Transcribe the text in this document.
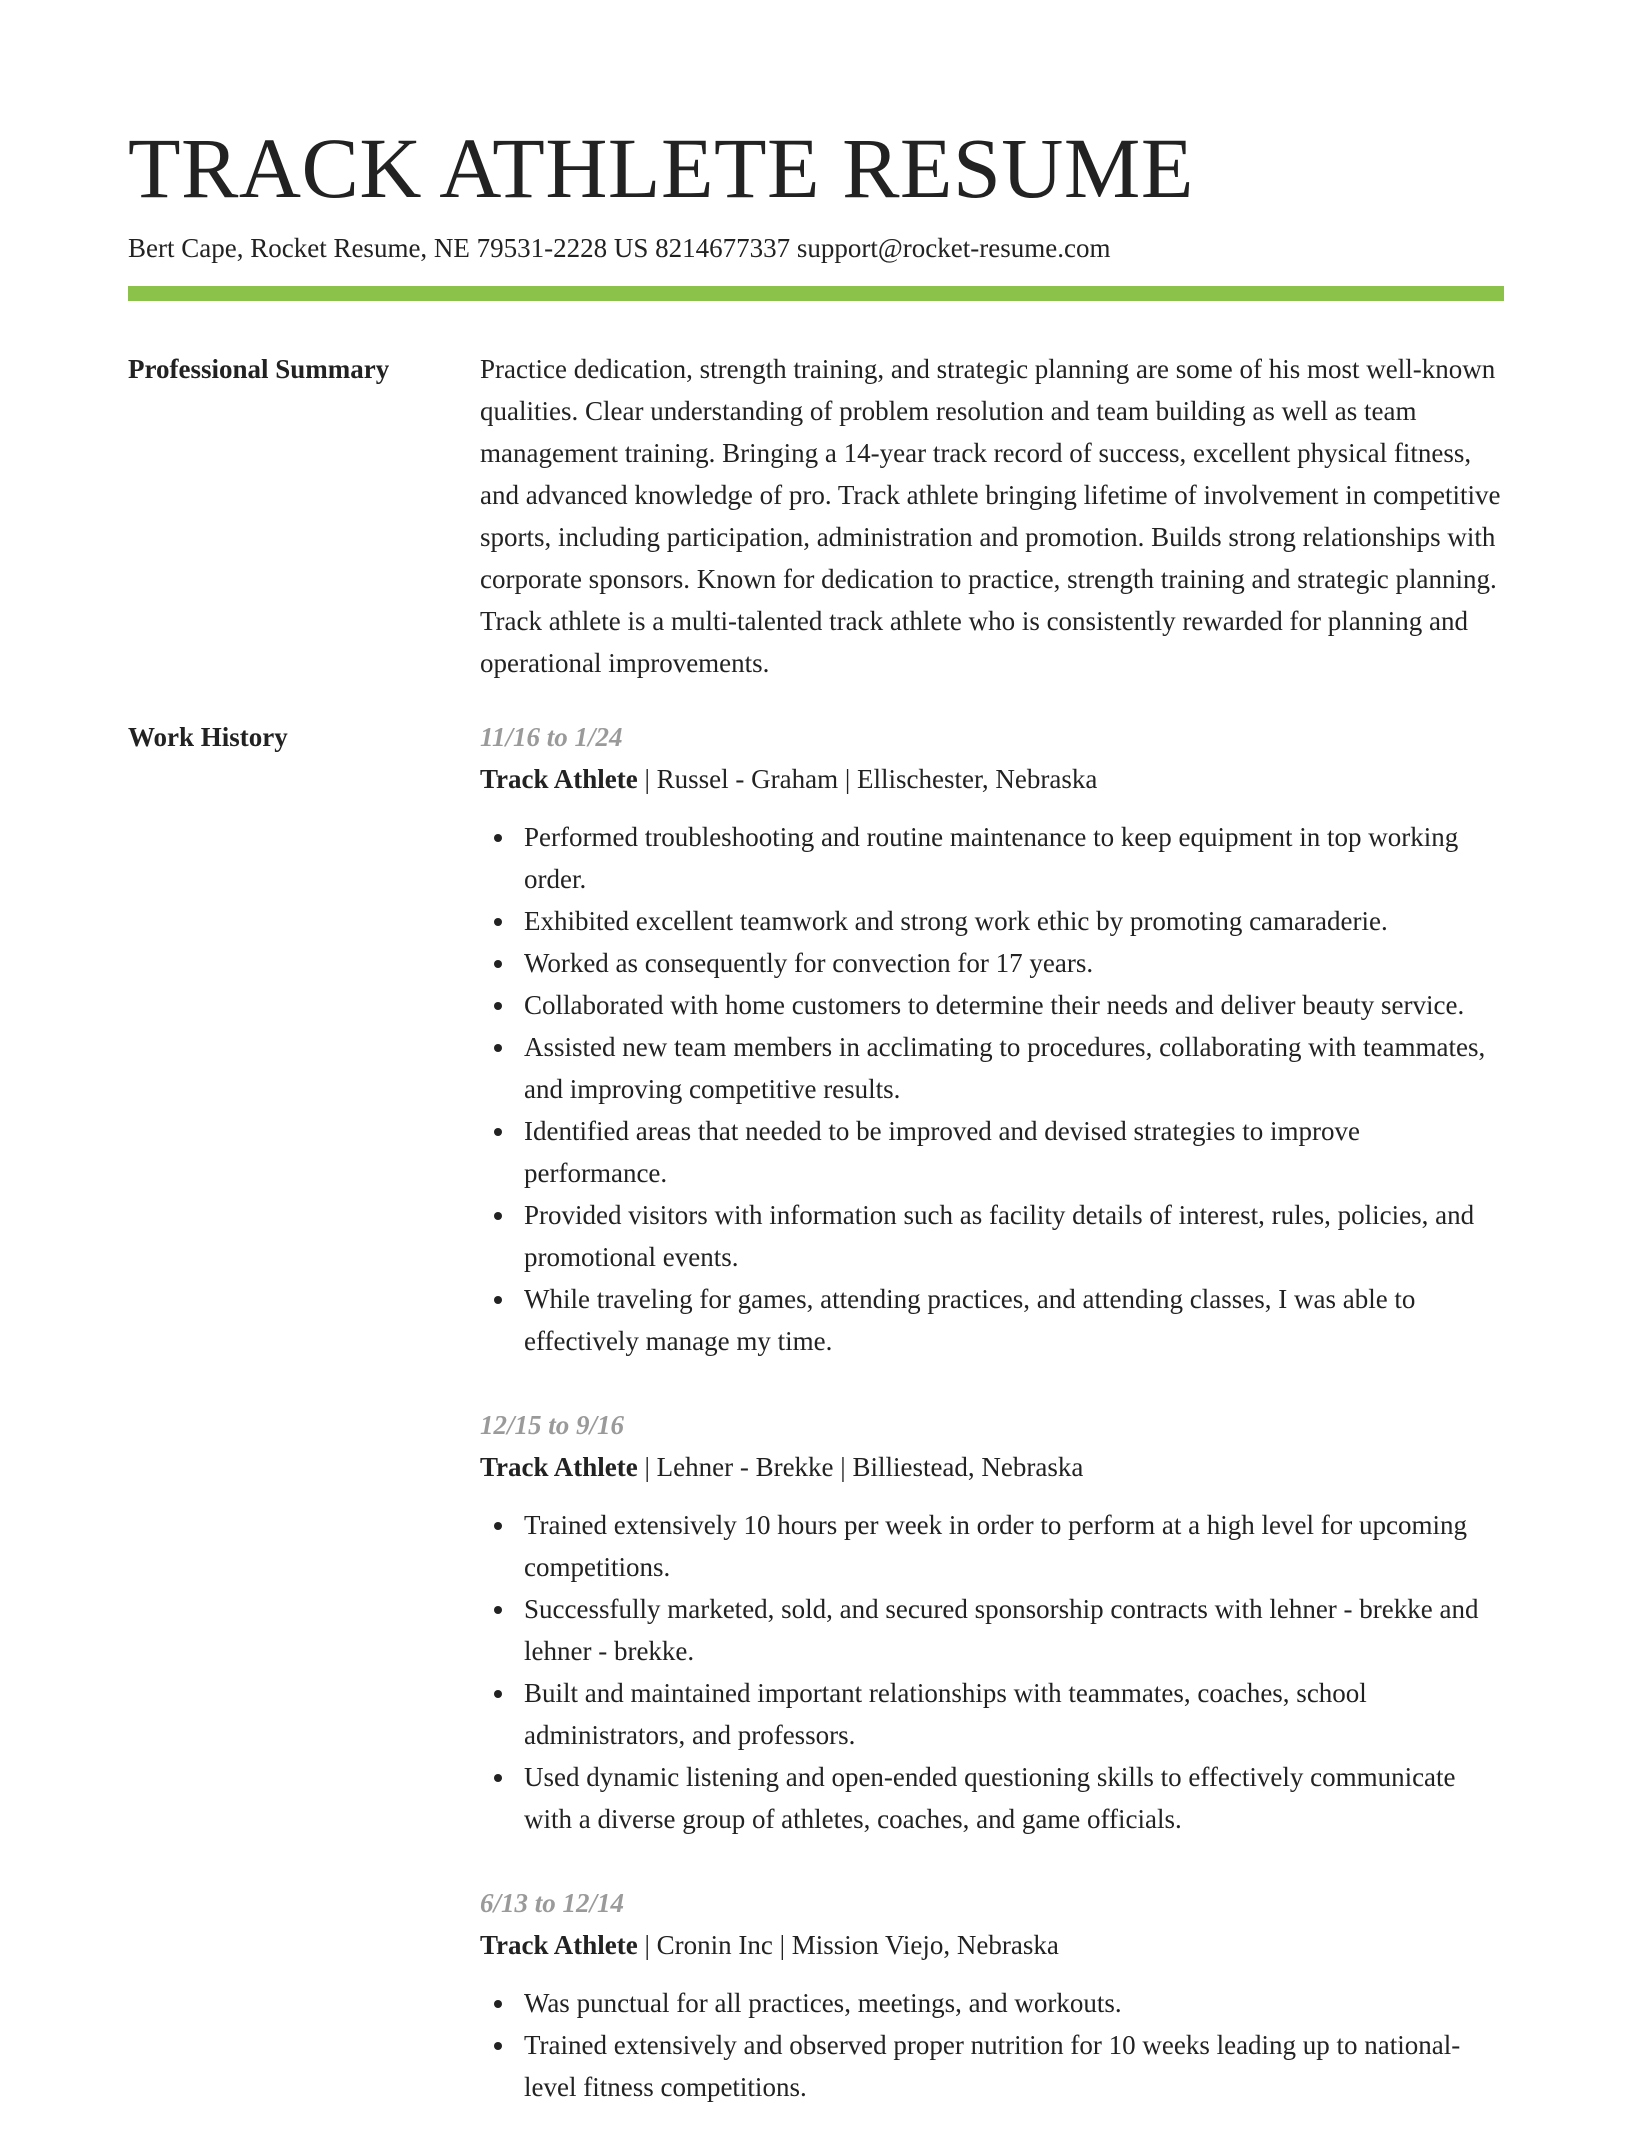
TRACK ATHLETE RESUME
Bert Cape, Rocket Resume, NE 79531-2228 US 8214677337 support@rocket-resume.com
Professional Summary	Practice dedication, strength training, and strategic planning are some of his most well-known qualities. Clear understanding of problem resolution and team building as well as team management training. Bringing a 14-year track record of success, excellent physical fitness, and advanced knowledge of pro. Track athlete bringing lifetime of involvement in competitive sports, including participation, administration and promotion. Builds strong relationships with corporate sponsors. Known for dedication to practice, strength training and strategic planning. Track athlete is a multi-talented track athlete who is consistently rewarded for planning and operational improvements.

Work History	11/16 to 1/24
Track Athlete | Russel - Graham | Ellischester, Nebraska
Performed troubleshooting and routine maintenance to keep equipment in top working order.
Exhibited excellent teamwork and strong work ethic by promoting camaraderie.
Worked as consequently for convection for 17 years.
Collaborated with home customers to determine their needs and deliver beauty service.
Assisted new team members in acclimating to procedures, collaborating with teammates, and improving competitive results.
Identified areas that needed to be improved and devised strategies to improve performance.
Provided visitors with information such as facility details of interest, rules, policies, and promotional events.
While traveling for games, attending practices, and attending classes, I was able to effectively manage my time.
12/15 to 9/16
Track Athlete | Lehner - Brekke | Billiestead, Nebraska
Trained extensively 10 hours per week in order to perform at a high level for upcoming competitions.
Successfully marketed, sold, and secured sponsorship contracts with lehner - brekke and lehner - brekke.
Built and maintained important relationships with teammates, coaches, school administrators, and professors.
Used dynamic listening and open-ended questioning skills to effectively communicate with a diverse group of athletes, coaches, and game officials.
6/13 to 12/14
Track Athlete | Cronin Inc | Mission Viejo, Nebraska
Was punctual for all practices, meetings, and workouts.
Trained extensively and observed proper nutrition for 10 weeks leading up to national-level fitness competitions.
